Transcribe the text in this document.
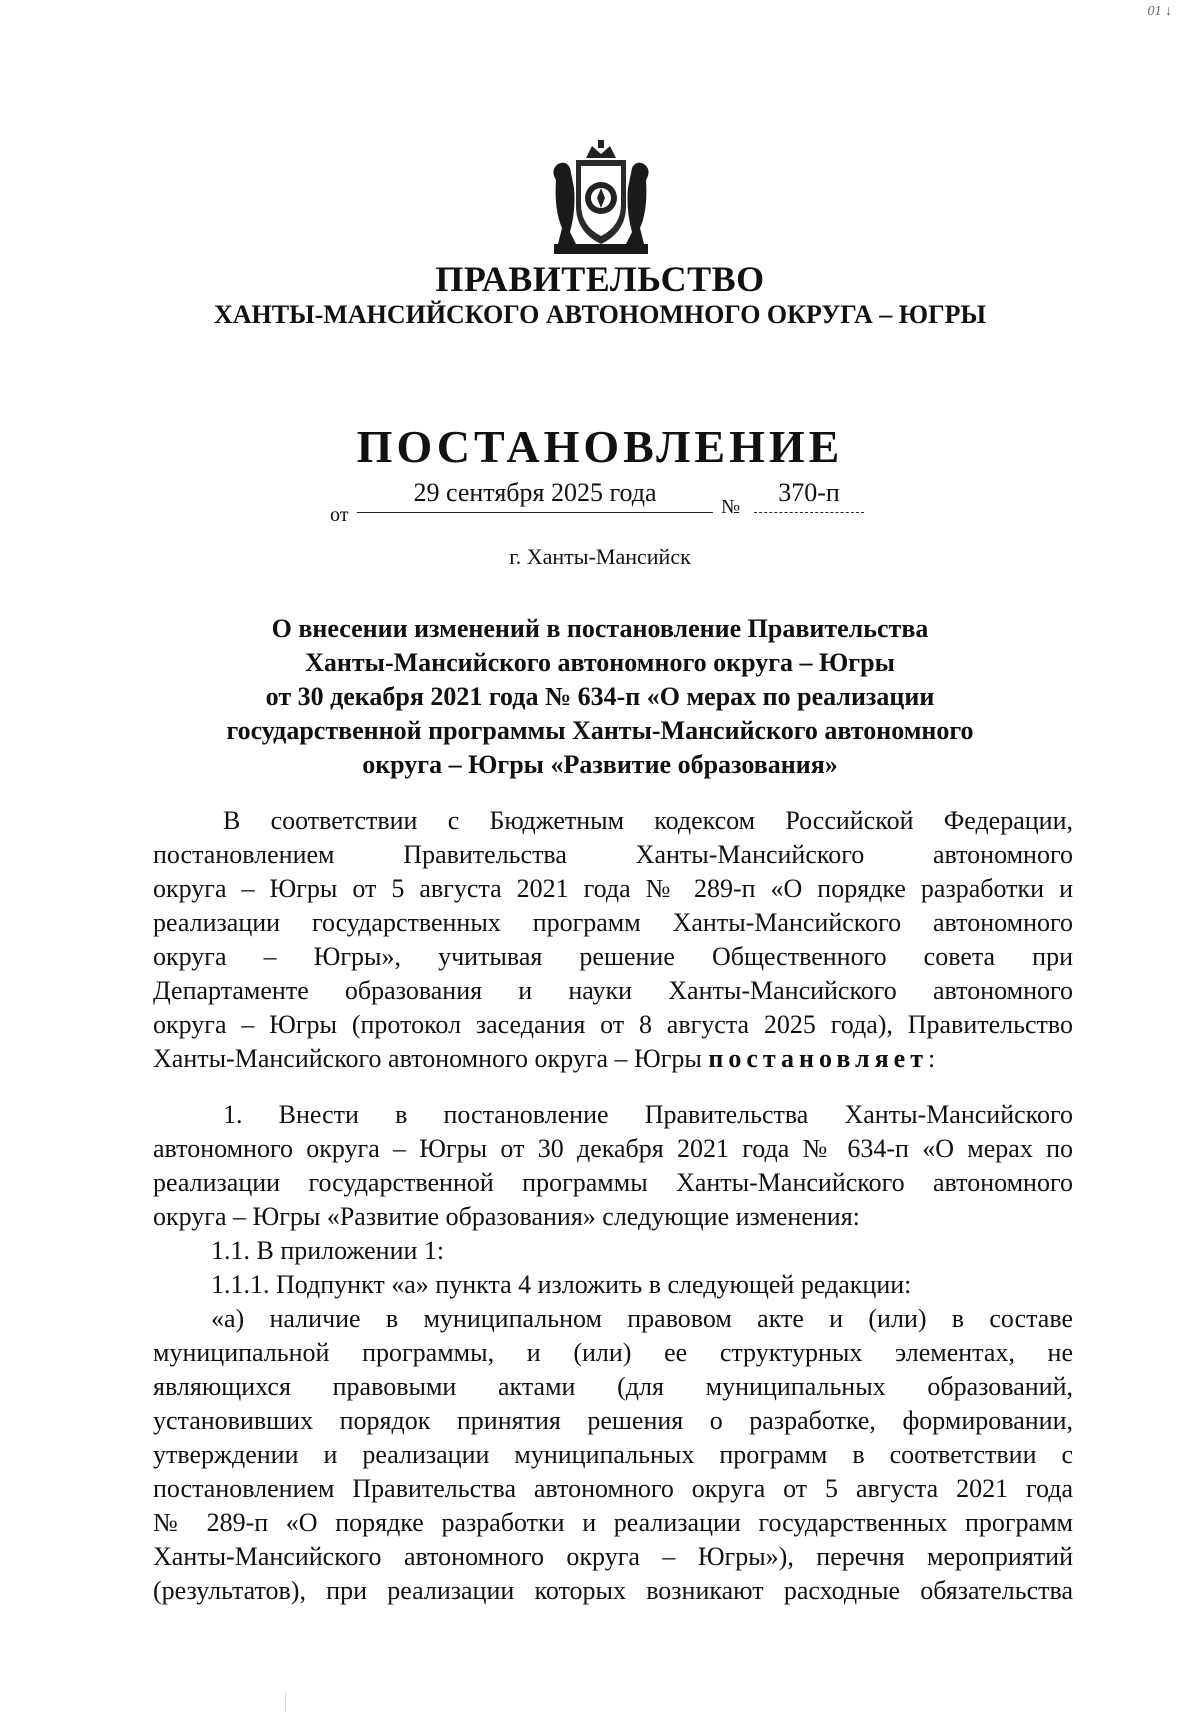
01 ↓
ПРАВИТЕЛЬСТВО
ХАНТЫ-МАНСИЙСКОГО АВТОНОМНОГО ОКРУГА – ЮГРЫ
ПОСТАНОВЛЕНИЕ
от
29 сентября 2025 года	№	370-п
г. Ханты-Мансийск
О внесении изменений в постановление Правительства
Ханты-Мансийского автономного округа – Югры
от 30 декабря 2021 года № 634-п «О мерах по реализации
государственной программы Ханты-Мансийского автономного
округа – Югры «Развитие образования»
В соответствии с Бюджетным кодексом Российской Федерации,
постановлением Правительства Ханты-Мансийского автономного
округа – Югры от 5 августа 2021 года № 289-п «О порядке разработки и
реализации государственных программ Ханты-Мансийского автономного
округа – Югры», учитывая решение Общественного совета при
Департаменте образования и науки Ханты-Мансийского автономного
округа – Югры (протокол заседания от 8 августа 2025 года), Правительство
Ханты-Мансийского автономного округа – Югры постановляет:
1. Внести в постановление Правительства Ханты-Мансийского
автономного округа – Югры от 30 декабря 2021 года № 634-п «О мерах по
реализации государственной программы Ханты-Мансийского автономного
округа – Югры «Развитие образования» следующие изменения:
1.1. В приложении 1:
1.1.1. Подпункт «а» пункта 4 изложить в следующей редакции:
«а) наличие в муниципальном правовом акте и (или) в составе
муниципальной программы, и (или) ее структурных элементах, не
являющихся правовыми актами (для муниципальных образований,
установивших порядок принятия решения о разработке, формировании,
утверждении и реализации муниципальных программ в соответствии с
постановлением Правительства автономного округа от 5 августа 2021 года
№ 289-п «О порядке разработки и реализации государственных программ
Ханты-Мансийского автономного округа – Югры»), перечня мероприятий
(результатов), при реализации которых возникают расходные обязательства
